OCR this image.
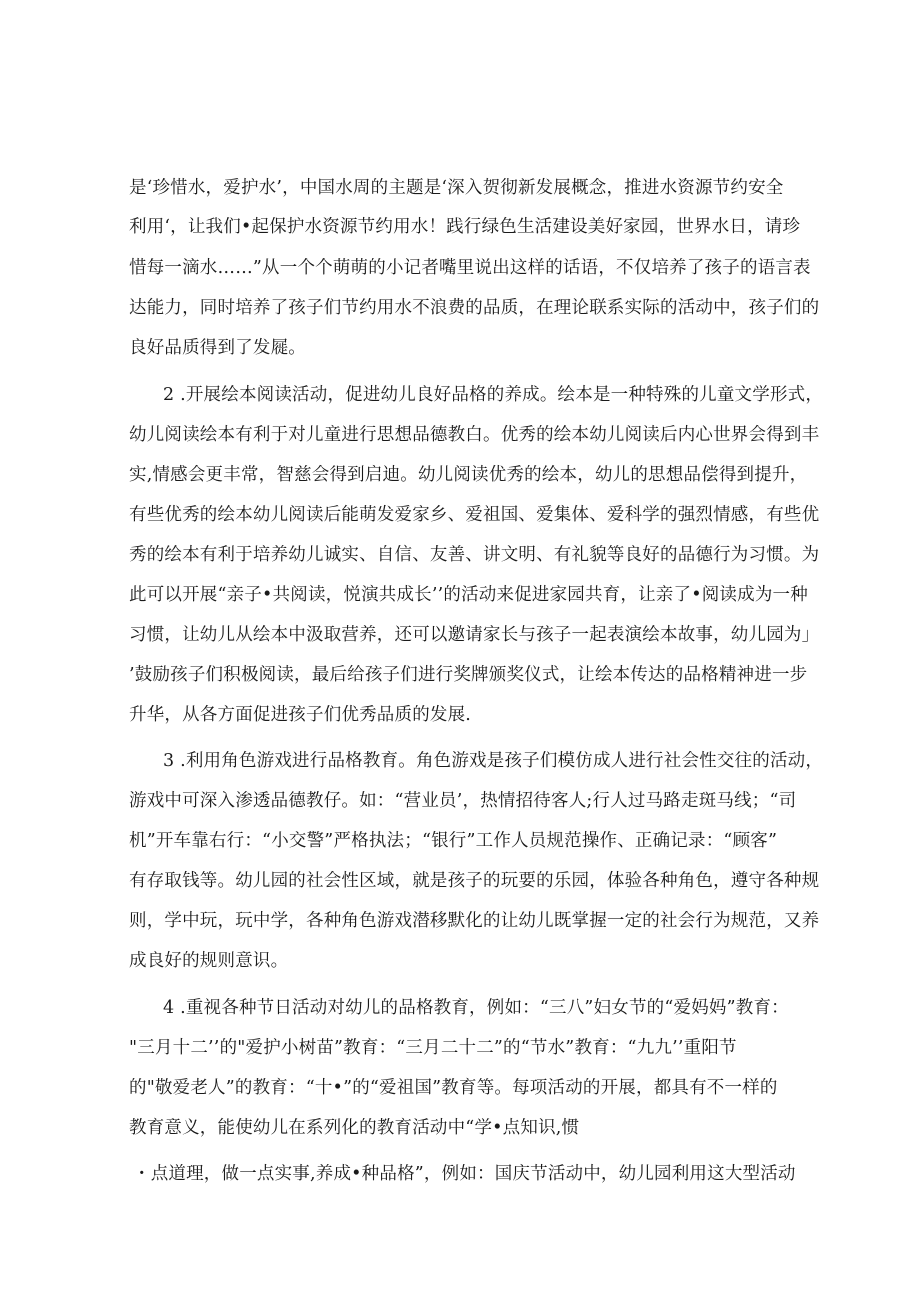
是‘珍惜水，爱护水’，中国水周的主题是‘深入贺彻新发展概念，推进水资源节约安全
利用‘，让我们•起保护水资源节约用水！践行绿色生活建设美好家园，世界水日，请珍
惜每一滴水……”从一个个萌萌的小记者嘴里说出这样的话语，不仅培养了孩子的语言表
达能力，同时培养了孩子们节约用水不浪费的品质，在理论联系实际的活动中，孩子们的
良好品质得到了发屣。
2 .开展绘本阅读活动，促进幼儿良好品格的养成。绘本是一种特殊的儿童文学形式，
幼儿阅读绘本有利于对儿童进行思想品德教白。优秀的绘本幼儿阅读后内心世界会得到丰
实,情感会更丰常，智慈会得到启迪。幼儿阅读优秀的绘本，幼儿的思想品偿得到提升，
有些优秀的绘本幼儿阅读后能萌发爱家乡、爱祖国、爱集体、爱科学的强烈情感，有些优
秀的绘本有利于培养幼儿诚实、自信、友善、讲文明、有礼貌等良好的品德行为习惯。为
此可以开展“亲子•共阅读，悦演共成长’’的活动来促进家园共育，让亲了•阅读成为一种
习惯，让幼儿从绘本中汲取营养，还可以邀请家长与孩子一起表演绘本故事，幼儿园为」
’鼓励孩子们积极阅读，最后给孩子们进行奖牌颁奖仪式，让绘本传达的品格精神进一步
升华，从各方面促进孩子们优秀品质的发展.
3 .利用角色游戏进行品格教育。角色游戏是孩子们模仿成人进行社会性交往的活动，
游戏中可深入渗透品德教仔。如：“营业员’，热情招待客人;行人过马路走斑马线；“司
机”开车靠右行：“小交警”严格执法；“银行”工作人员规范操作、正确记录：“顾客”
有存取钱等。幼儿园的社会性区域，就是孩子的玩要的乐园，体验各种角色，遵守各种规
则，学中玩，玩中学，各种角色游戏潜移默化的让幼儿既掌握一定的社会行为规范，又养
成良好的规则意识。
4 .重视各种节日活动对幼儿的品格教育，例如：“三八”妇女节的“爱妈妈”教育：
"三月十二’’的"爱护小树苗”教育：“三月二十二”的“节水”教育：“九九’’重阳节
的"敬爱老人”的教育：“十•”的“爱祖国”教育等。每项活动的开展，都具有不一样的
教育意义，能使幼儿在系列化的教育活动中“学•点知识,惯
・点道理，做一点实事,养成•种品格”，例如：国庆节活动中，幼儿园利用这大型活动
